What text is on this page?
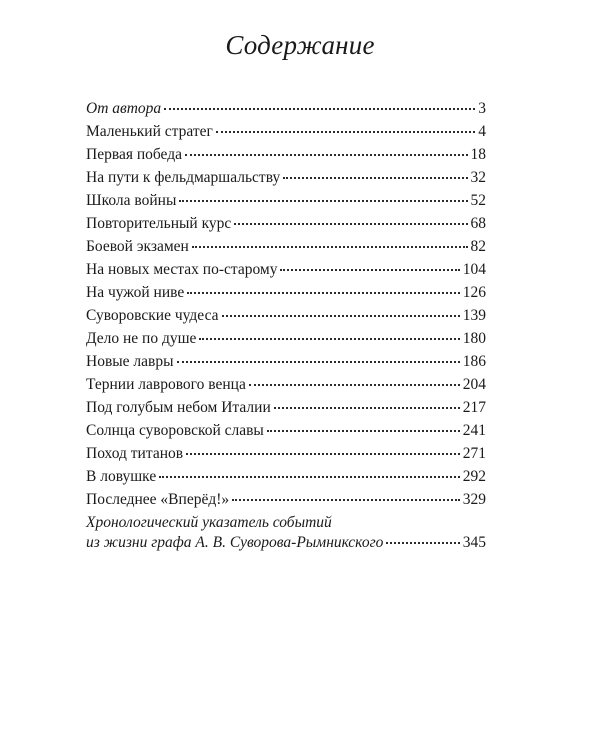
Содержание
От автора	3
Маленький стратег	4
Первая победа	18
На пути к фельдмаршальству	32
Школа войны	52
Повторительный курс	68
Боевой экзамен	82
На новых местах по-старому	104
На чужой ниве	126
Суворовские чудеса	139
Дело не по душе	180
Новые лавры	186
Тернии лаврового венца	204
Под голубым небом Италии	217
Солнца суворовской славы	241
Поход титанов	271
В ловушке	292
Последнее «Вперёд!»	329
Хронологический указатель событий
из жизни графа А. В. Суворова-Рымникского	345
